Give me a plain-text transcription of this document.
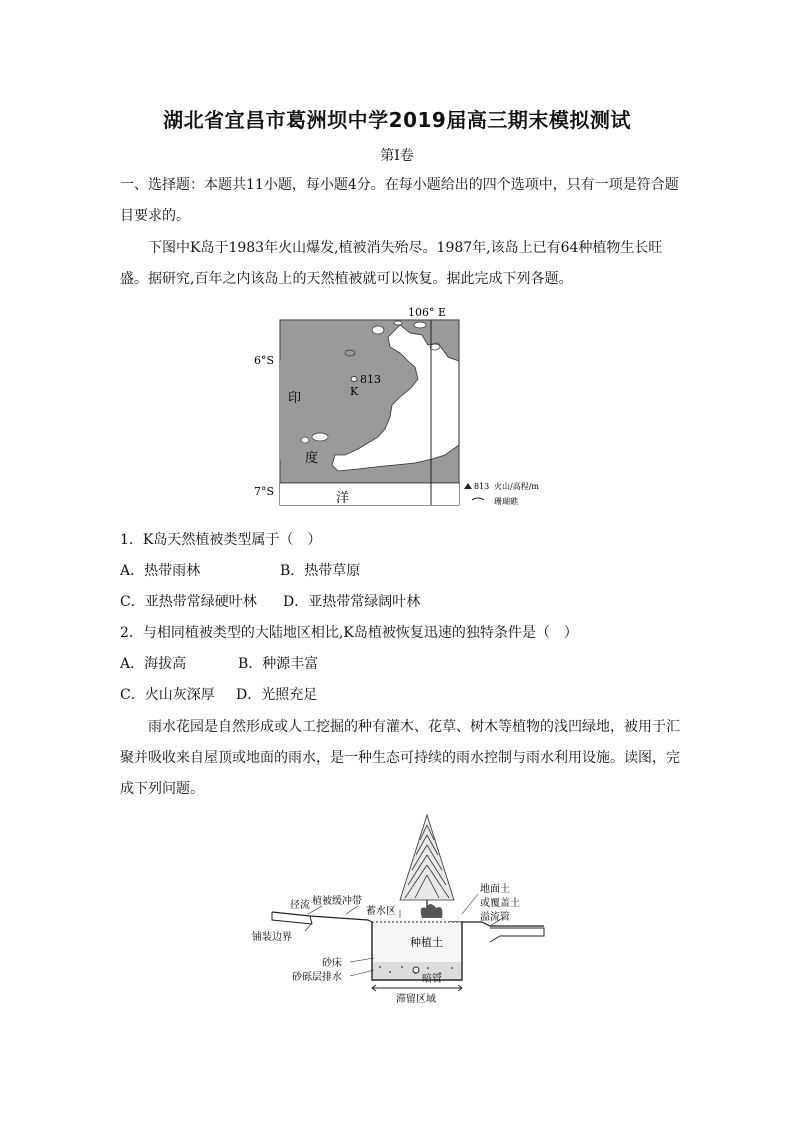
湖北省宜昌市葛洲坝中学2019届高三期末模拟测试
第Ⅰ卷

一、选择题：本题共11小题，每小题4分。在每小题给出的四个选项中，只有一项是符合题目要求的。

下图中K岛于1983年火山爆发,植被消失殆尽。1987年,该岛上已有64种植物生长旺盛。据研究,百年之内该岛上的天然植被就可以恢复。据此完成下列各题。

813
K
106° E
6°S
7°S
印
度
洋
813 火山/高程/m
珊瑚礁
1．K岛天然植被类型属于（　）
A．热带雨林	B．热带草原
C．亚热带常绿硬叶林 D．亚热带常绿阔叶林
2．与相同植被类型的大陆地区相比,K岛植被恢复迅速的独特条件是（　）
A．海拔高	B．种源丰富
C．火山灰深厚 D．光照充足

雨水花园是自然形成或人工挖掘的种有灌木、花草、树木等植物的浅凹绿地，被用于汇聚并吸收来自屋顶或地面的雨水，是一种生态可持续的雨水控制与雨水利用设施。读图，完成下列问题。

径流 植被缓冲带
蓄水区
地面土
或覆盖土
溢流管
铺装边界	种植土
砂床
砂砾层排水	暗管
滞留区域
